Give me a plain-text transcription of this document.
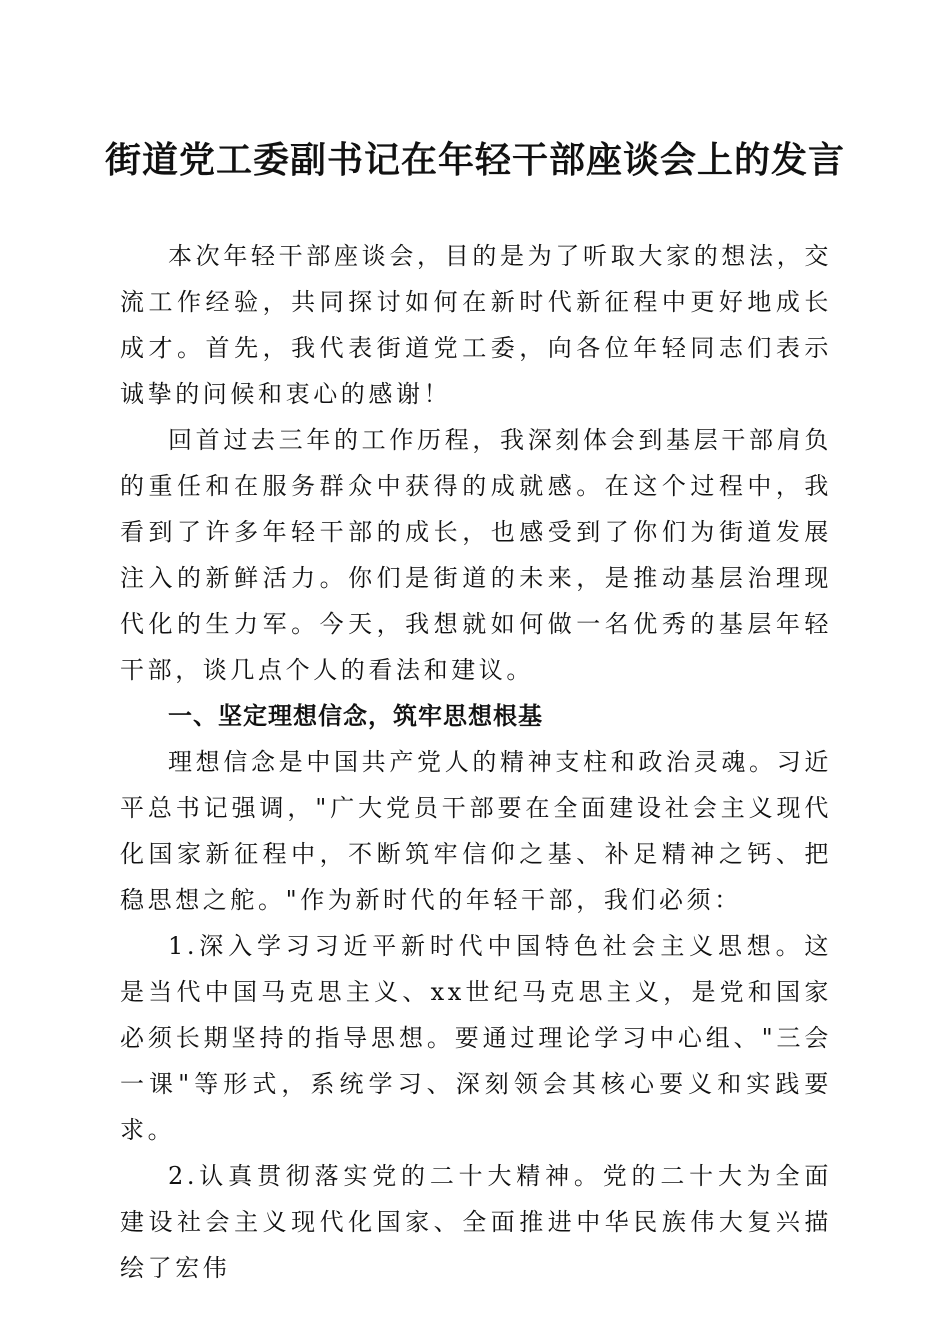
街道党工委副书记在年轻干部座谈会上的发言

本次年轻干部座谈会，目的是为了听取大家的想法，交流工作经验，共同探讨如何在新时代新征程中更好地成长成才。首先，我代表街道党工委，向各位年轻同志们表示诚挚的问候和衷心的感谢！

回首过去三年的工作历程，我深刻体会到基层干部肩负的重任和在服务群众中获得的成就感。在这个过程中，我看到了许多年轻干部的成长，也感受到了你们为街道发展注入的新鲜活力。你们是街道的未来，是推动基层治理现代化的生力军。今天，我想就如何做一名优秀的基层年轻干部，谈几点个人的看法和建议。

一、坚定理想信念，筑牢思想根基

理想信念是中国共产党人的精神支柱和政治灵魂。习近平总书记强调，"广大党员干部要在全面建设社会主义现代化国家新征程中，不断筑牢信仰之基、补足精神之钙、把稳思想之舵。"作为新时代的年轻干部，我们必须：

1.深入学习习近平新时代中国特色社会主义思想。这是当代中国马克思主义、xx世纪马克思主义，是党和国家必须长期坚持的指导思想。要通过理论学习中心组、"三会一课"等形式，系统学习、深刻领会其核心要义和实践要求。

2.认真贯彻落实党的二十大精神。党的二十大为全面建设社会主义现代化国家、全面推进中华民族伟大复兴描绘了宏伟
